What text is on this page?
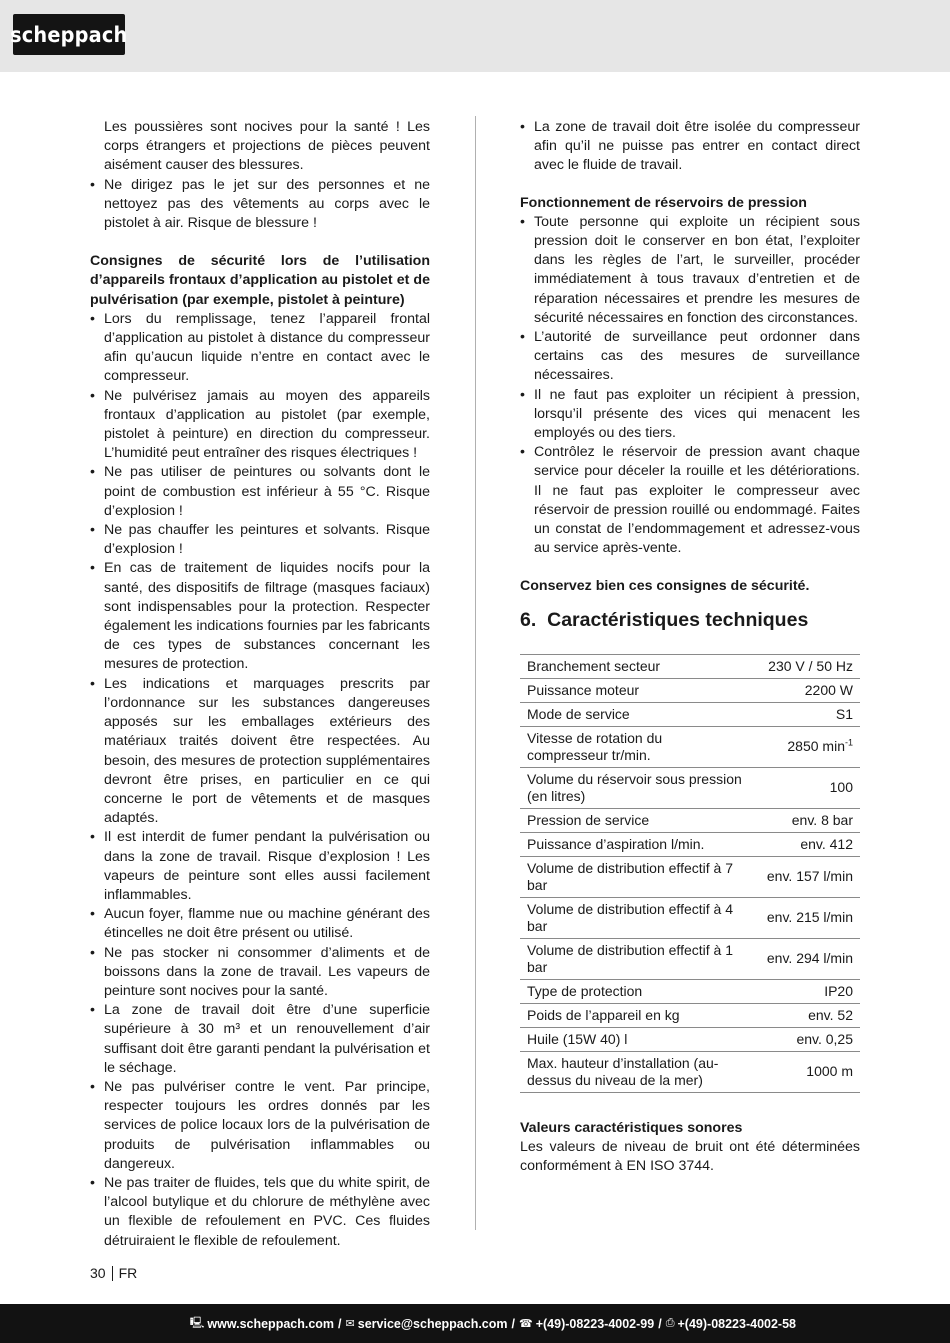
scheppach

Les poussières sont nocives pour la santé ! Les corps étrangers et projections de pièces peuvent aisément causer des blessures.

• Ne dirigez pas le jet sur des personnes et ne nettoyez pas des vêtements au corps avec le pistolet à air. Risque de blessure !

Consignes de sécurité lors de l’utilisation d’appareils frontaux d’application au pistolet et de pulvérisation (par exemple, pistolet à peinture)

• Lors du remplissage, tenez l’appareil frontal d’application au pistolet à distance du compresseur afin qu’aucun liquide n’entre en contact avec le compresseur.
• Ne pulvérisez jamais au moyen des appareils frontaux d’application au pistolet (par exemple, pistolet à peinture) en direction du compresseur. L’humidité peut entraîner des risques électriques !
• Ne pas utiliser de peintures ou solvants dont le point de combustion est inférieur à 55 °C. Risque d’explosion !
• Ne pas chauffer les peintures et solvants. Risque d’explosion !
• En cas de traitement de liquides nocifs pour la santé, des dispositifs de filtrage (masques faciaux) sont indispensables pour la protection. Respecter également les indications fournies par les fabricants de ces types de substances concernant les mesures de protection.
• Les indications et marquages prescrits par l’ordonnance sur les substances dangereuses apposés sur les emballages extérieurs des matériaux traités doivent être respectées. Au besoin, des mesures de protection supplémentaires devront être prises, en particulier en ce qui concerne le port de vêtements et de masques adaptés.
• Il est interdit de fumer pendant la pulvérisation ou dans la zone de travail. Risque d’explosion ! Les vapeurs de peinture sont elles aussi facilement inflammables.
• Aucun foyer, flamme nue ou machine générant des étincelles ne doit être présent ou utilisé.
• Ne pas stocker ni consommer d’aliments et de boissons dans la zone de travail. Les vapeurs de peinture sont nocives pour la santé.
• La zone de travail doit être d’une superficie supérieure à 30 m³ et un renouvellement d’air suffisant doit être garanti pendant la pulvérisation et le séchage.
• Ne pas pulvériser contre le vent. Par principe, respecter toujours les ordres donnés par les services de police locaux lors de la pulvérisation de produits de pulvérisation inflammables ou dangereux.
• Ne pas traiter de fluides, tels que du white spirit, de l’alcool butylique et du chlorure de méthylène avec un flexible de refoulement en PVC. Ces fluides détruiraient le flexible de refoulement.
• La zone de travail doit être isolée du compresseur afin qu’il ne puisse pas entrer en contact direct avec le fluide de travail.

Fonctionnement de réservoirs de pression

• Toute personne qui exploite un récipient sous pression doit le conserver en bon état, l’exploiter dans les règles de l’art, le surveiller, procéder immédiatement à tous travaux d’entretien et de réparation nécessaires et prendre les mesures de sécurité nécessaires en fonction des circonstances.
• L’autorité de surveillance peut ordonner dans certains cas des mesures de surveillance nécessaires.
• Il ne faut pas exploiter un récipient à pression, lorsqu’il présente des vices qui menacent les employés ou des tiers.
• Contrôlez le réservoir de pression avant chaque service pour déceler la rouille et les détériorations. Il ne faut pas exploiter le compresseur avec réservoir de pression rouillé ou endommagé. Faites un constat de l’endommagement et adressez-vous au service après-vente.

Conservez bien ces consignes de sécurité.

6. Caractéristiques techniques
Branchement secteur	230 V / 50 Hz
Puissance moteur	2200 W
Mode de service	S1
Vitesse de rotation du compresseur tr/min.	2850 $\min^{-1}$
Volume du réservoir sous pression (en litres)	100
Pression de service	env. 8 bar
Puissance d’aspiration l/min.	env. 412
Volume de distribution effectif à 7 bar	env. 157 l/min
Volume de distribution effectif à 4 bar	env. 215 l/min
Volume de distribution effectif à 1 bar	env. 294 l/min
Type de protection	IP20
Poids de l’appareil en kg	env. 52
Huile (15W 40) l	env. 0,25
Max. hauteur d’installation (au-dessus du niveau de la mer)	1000 m

Valeurs caractéristiques sonores

Les valeurs de niveau de bruit ont été déterminées conformément à EN ISO 3744.

30 FR
🖳 www.scheppach.com / ✉ service@scheppach.com / ☎ +(49)-08223-4002-99 / ⎙ +(49)-08223-4002-58
